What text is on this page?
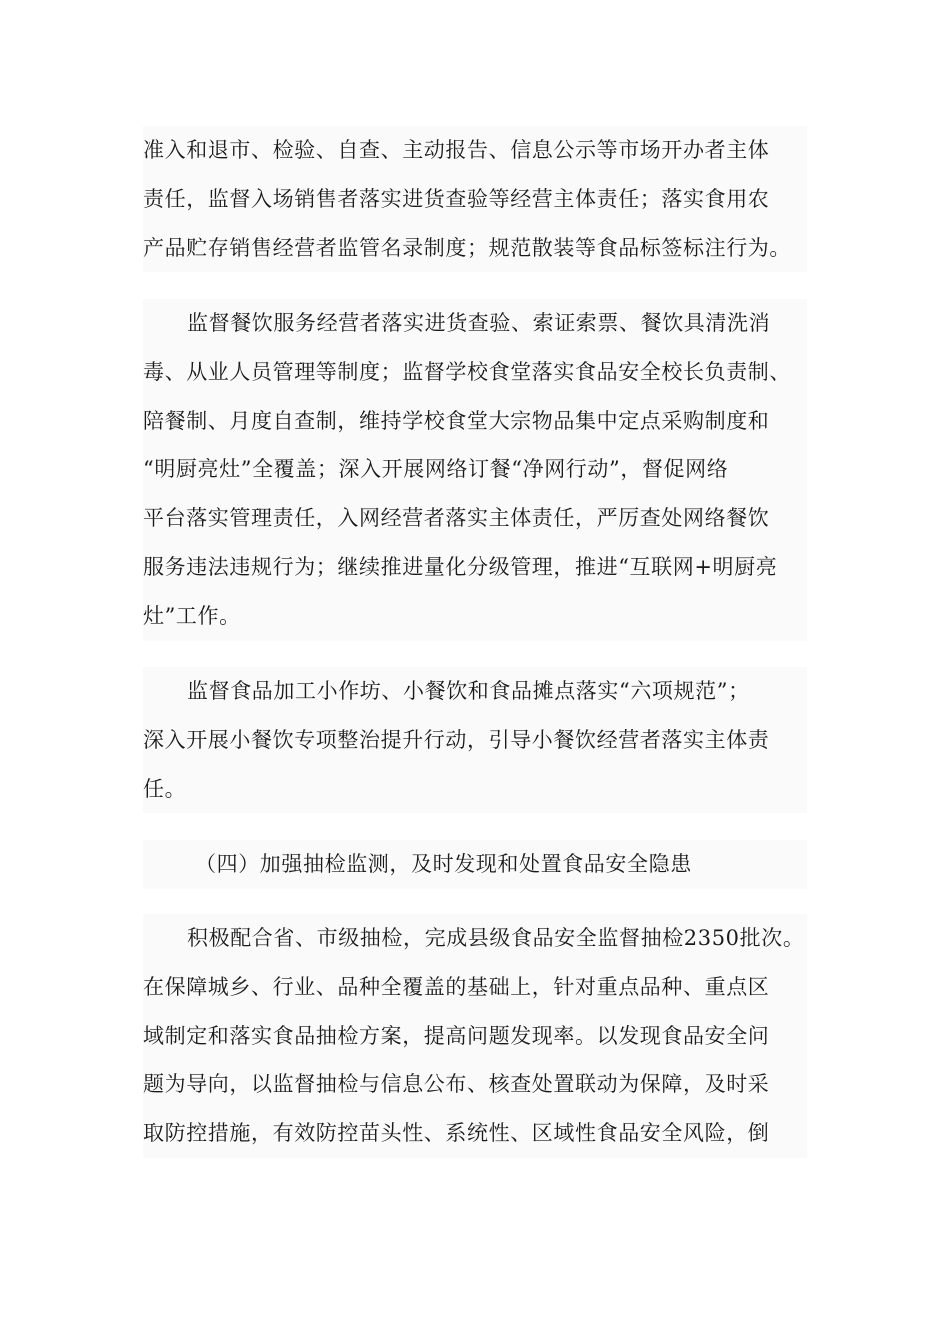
准入和退市、检验、自查、主动报告、信息公示等市场开办者主体
责任，监督入场销售者落实进货查验等经营主体责任；落实食用农
产品贮存销售经营者监管名录制度；规范散装等食品标签标注行为。
监督餐饮服务经营者落实进货查验、索证索票、餐饮具清洗消
毒、从业人员管理等制度；监督学校食堂落实食品安全校长负责制、
陪餐制、月度自查制，维持学校食堂大宗物品集中定点采购制度和
“明厨亮灶”全覆盖；深入开展网络订餐“净网行动”，督促网络
平台落实管理责任，入网经营者落实主体责任，严厉查处网络餐饮
服务违法违规行为；继续推进量化分级管理，推进“互联网+明厨亮
灶”工作。
监督食品加工小作坊、小餐饮和食品摊点落实“六项规范”；
深入开展小餐饮专项整治提升行动，引导小餐饮经营者落实主体责
任。
（四）加强抽检监测，及时发现和处置食品安全隐患
积极配合省、市级抽检，完成县级食品安全监督抽检2350批次。
在保障城乡、行业、品种全覆盖的基础上，针对重点品种、重点区
域制定和落实食品抽检方案，提高问题发现率。以发现食品安全问
题为导向，以监督抽检与信息公布、核查处置联动为保障，及时采
取防控措施，有效防控苗头性、系统性、区域性食品安全风险，倒
